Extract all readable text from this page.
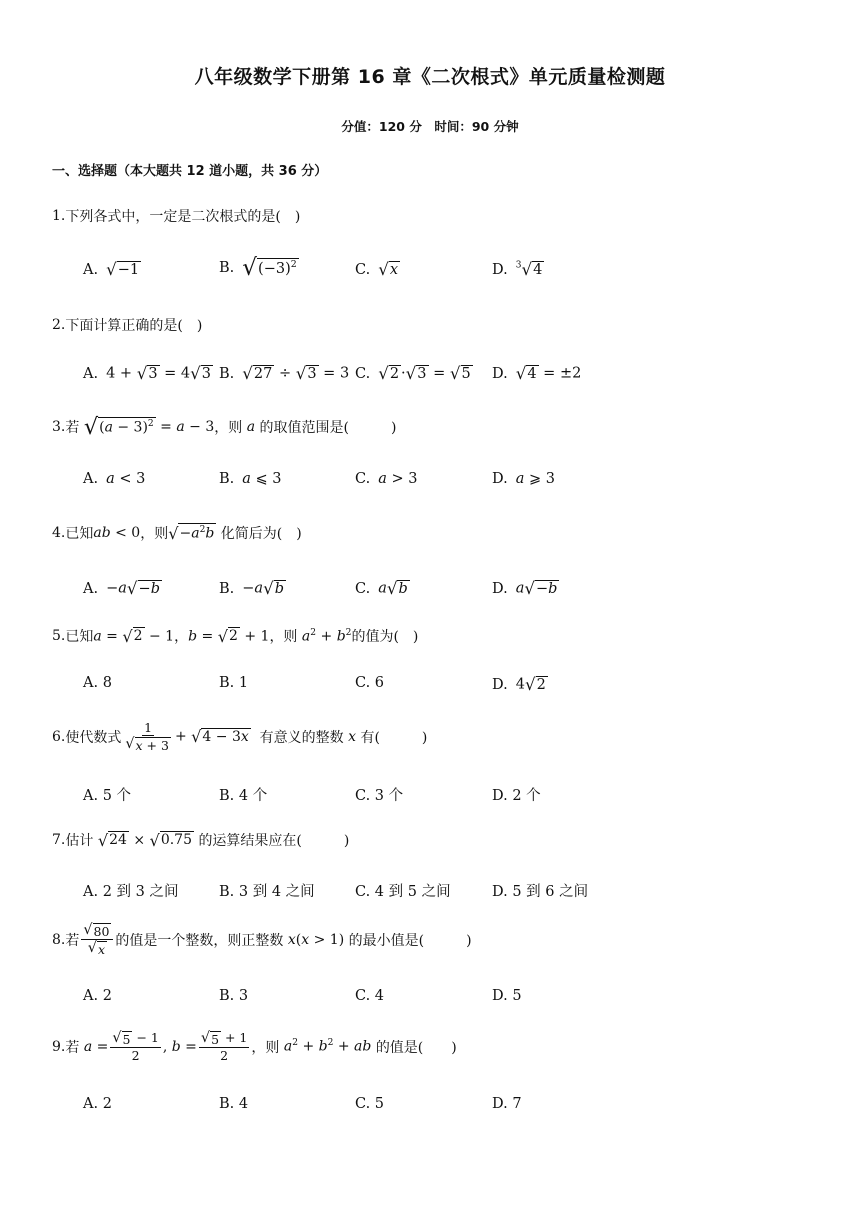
八年级数学下册第 16 章《二次根式》单元质量检测题
分值：120 分　时间：90 分钟
一、选择题（本大题共 12 道小题，共 36 分）
1. 下列各式中，一定是二次根式的是(　)
A. √−1	B. $√(-3)^2$	C. √x	D. $^3$√4
2. 下面计算正确的是(　)
A. 4 + √3 = 4√3 B. √27 ÷ √3 = 3 C. √2 ·√3 = √5 D. √4 = ±2
3. 若 $√(a - 3)^2 = a - 3$ ，则 a 的取值范围是(　　　)
A. a < 3	B. a ⩽ 3	C. a > 3	D. a ⩾ 3
4. 已知 ab < 0 ，则 $√-a^2b$ 化简后为(　)
A. −a√−b	B. −a√b	C. a√b	D. a√−b
5. 已知 a = √2 − 1 ， b = √2 + 1 ，则 $a^2 + b^2$ 的值为(　)
A. 8	B. 1	C. 6	D. 4√2
6. 使代数式 $\frac{1}{√x + 3} + √4 - 3x$ 有意义的整数 x 有(　　　)
A. 5 个	B. 4 个	C. 3 个	D. 2 个
7. 估计 √24 × √0.75 的运算结果应在(　　　)
A. 2 到 3 之间	B. 3 到 4 之间	C. 4 到 5 之间	D. 5 到 6 之间
8. 若 $\frac{√80}{√x}$ 的值是一个整数，则正整数 x(x > 1) 的最小值是(　　　)
A. 2	B. 3	C. 4	D. 5
9. 若 $a = \frac{√5 - 1}{2}$ , $b = \frac{√5 + 1}{2}$ ，则 $a^2 + b^2$ + ab 的值是(　　)
A. 2	B. 4	C. 5	D. 7
